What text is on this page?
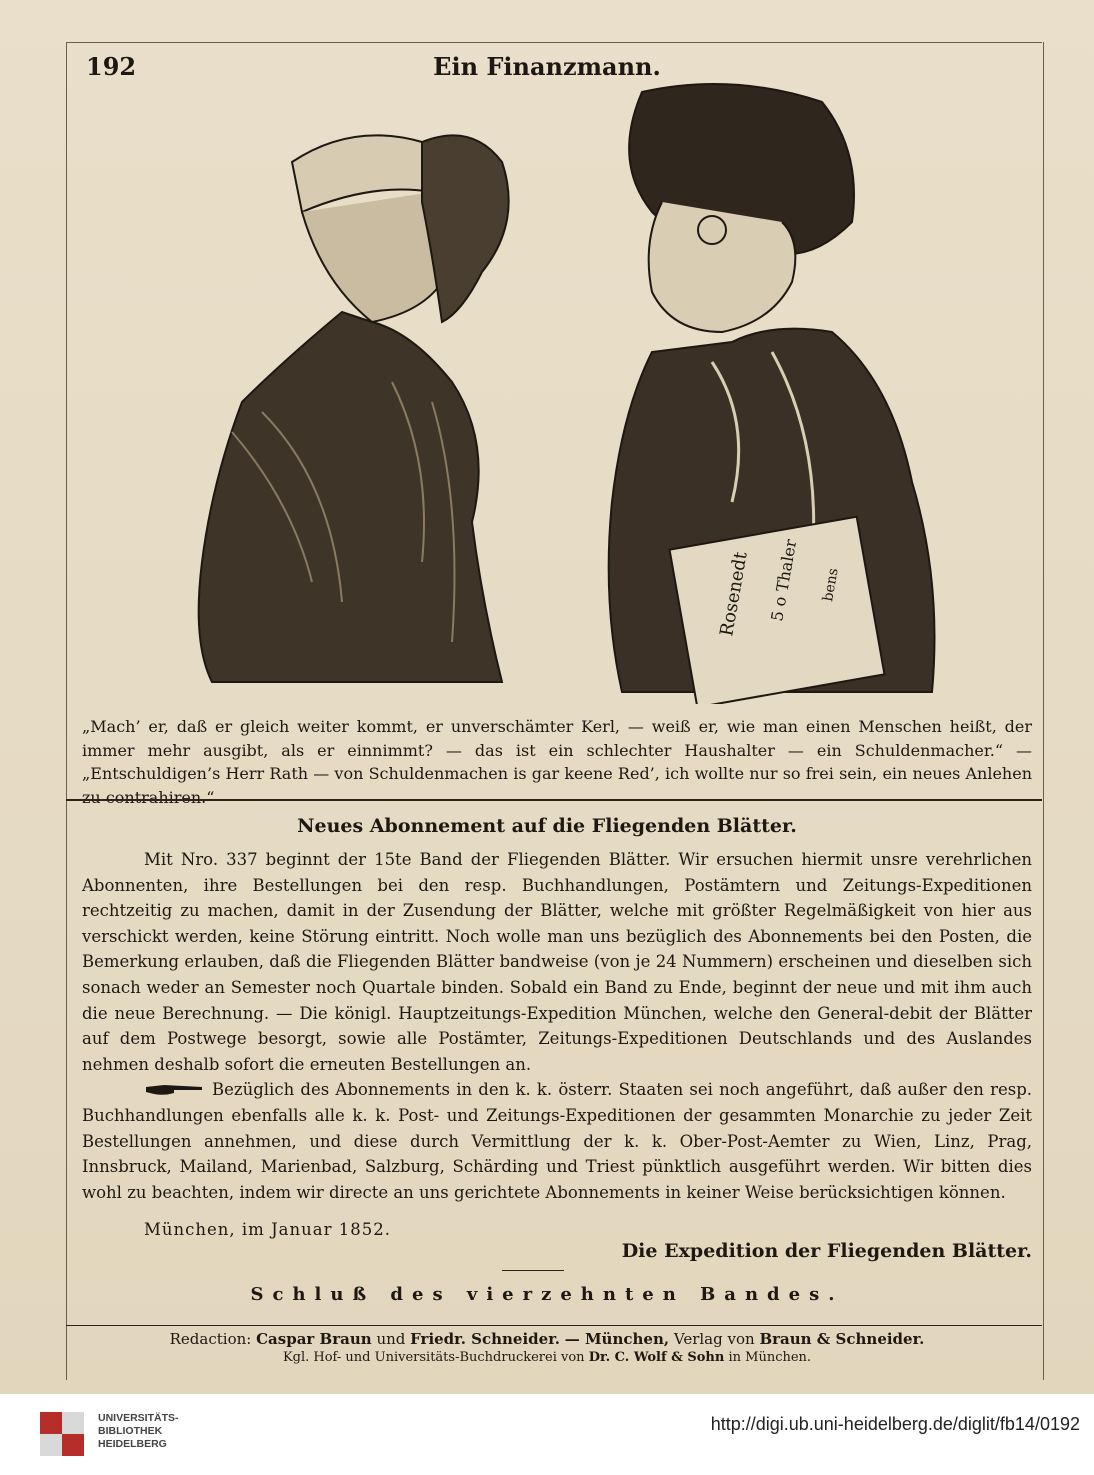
192	Ein Finanzmann.
Rosenedt 5 o Thaler bens
„Mach’ er, daß er gleich weiter kommt, er unverschämter Kerl, — weiß er, wie man einen Menschen heißt, der immer mehr ausgibt, als er einnimmt? — das ist ein schlechter Haushalter — ein Schuldenmacher.“ — „Entschuldigen’s Herr Rath — von Schuldenmachen is gar keene Red’, ich wollte nur so frei sein, ein neues Anlehen zu contrahiren.“
Neues Abonnement auf die Fliegenden Blätter.

Mit Nro. 337 beginnt der 15te Band der Fliegenden Blätter. Wir ersuchen hiermit unsre verehrlichen Abonnenten, ihre Bestellungen bei den resp. Buchhandlungen, Postämtern und Zeitungs-Expeditionen rechtzeitig zu machen, damit in der Zusendung der Blätter, welche mit größter Regelmäßigkeit von hier aus verschickt werden, keine Störung eintritt. Noch wolle man uns bezüglich des Abonnements bei den Posten, die Bemerkung erlauben, daß die Fliegenden Blätter bandweise (von je 24 Nummern) erscheinen und dieselben sich sonach weder an Semester noch Quartale binden. Sobald ein Band zu Ende, beginnt der neue und mit ihm auch die neue Berechnung. — Die königl. Hauptzeitungs-Expedition München, welche den General-debit der Blätter auf dem Postwege besorgt, sowie alle Postämter, Zeitungs-Expeditionen Deutschlands und des Auslandes nehmen deshalb sofort die erneuten Bestellungen an.

Bezüglich des Abonnements in den k. k. österr. Staaten sei noch angeführt, daß außer den resp. Buchhandlungen ebenfalls alle k. k. Post- und Zeitungs-Expeditionen der gesammten Monarchie zu jeder Zeit Bestellungen annehmen, und diese durch Vermittlung der k. k. Ober-Post-Aemter zu Wien, Linz, Prag, Innsbruck, Mailand, Marienbad, Salzburg, Schärding und Triest pünktlich ausgeführt werden. Wir bitten dies wohl zu beachten, indem wir directe an uns gerichtete Abonnements in keiner Weise berücksichtigen können.

München, im Januar 1852.
Die Expedition der Fliegenden Blätter.
Schluß des vierzehnten Bandes.
Redaction: Caspar Braun und Friedr. Schneider. — München, Verlag von Braun & Schneider.
Kgl. Hof- und Universitäts-Buchdruckerei von Dr. C. Wolf & Sohn in München.
UNIVERSITÄTS-
BIBLIOTHEK
HEIDELBERG
http://digi.ub.uni-heidelberg.de/diglit/fb14/0192
